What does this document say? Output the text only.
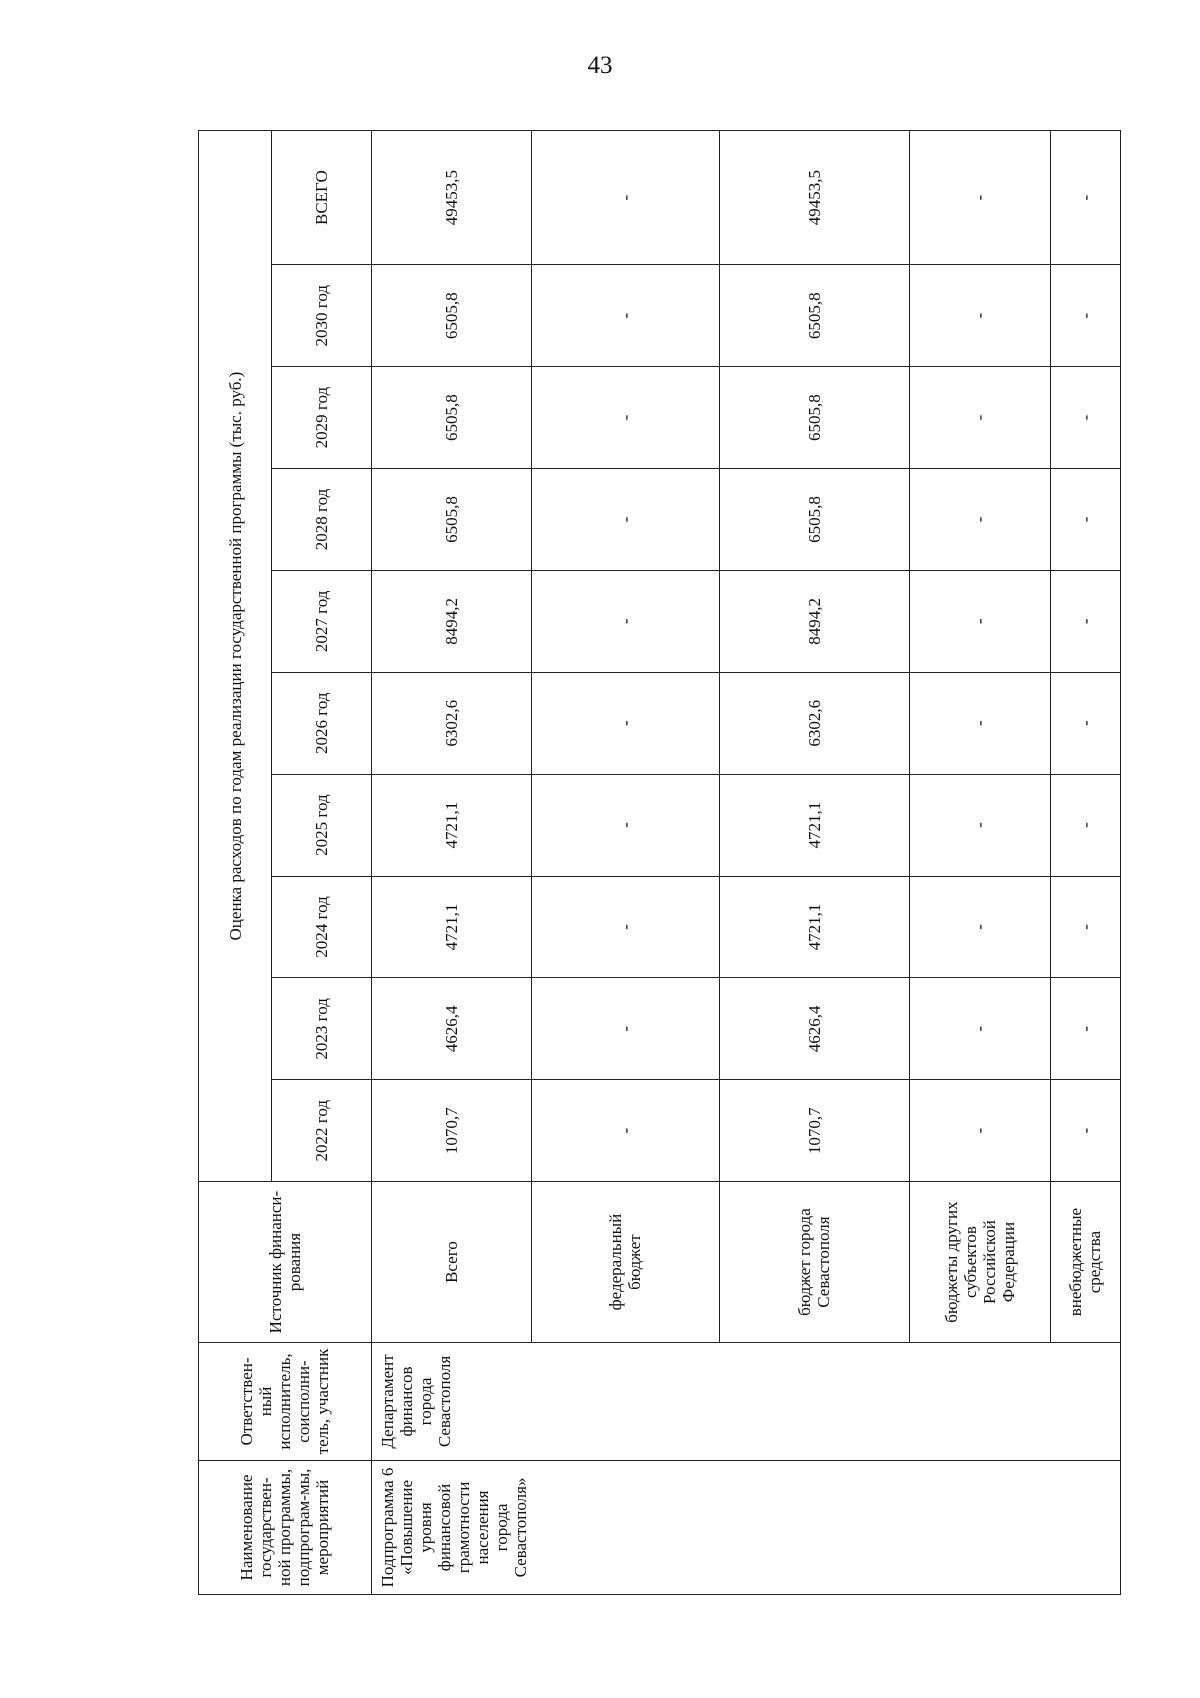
43
Наименование государствен-ной программы, подпрограм-мы, мероприятий	Ответствен-ный исполнитель, соисполни-тель, участник	Источник финанси-рования	Оценка расходов по годам реализации государственной программы (тыс. руб.)									
			2022 год	2023 год	2024 год	2025 год	2026 год	2027 год	2028 год	2029 год	2030 год	ВСЕГО
Подпрограмма 6 «Повышение уровня финансовой грамотности населения города Севастополя»	Департамент финансов города Севастополя	Всего	1070,7	4626,4	4721,1	4721,1	6302,6	8494,2	6505,8	6505,8	6505,8	49453,5
		федеральный бюджет	-	-	-	-	-	-	-	-	-	-
		бюджет города Севастополя	1070,7	4626,4	4721,1	4721,1	6302,6	8494,2	6505,8	6505,8	6505,8	49453,5
		бюджеты других субъектов Российской Федерации	-	-	-	-	-	-	-	-	-	-
		внебюджетные средства	-	-	-	-	-	-	-	-	-	-
